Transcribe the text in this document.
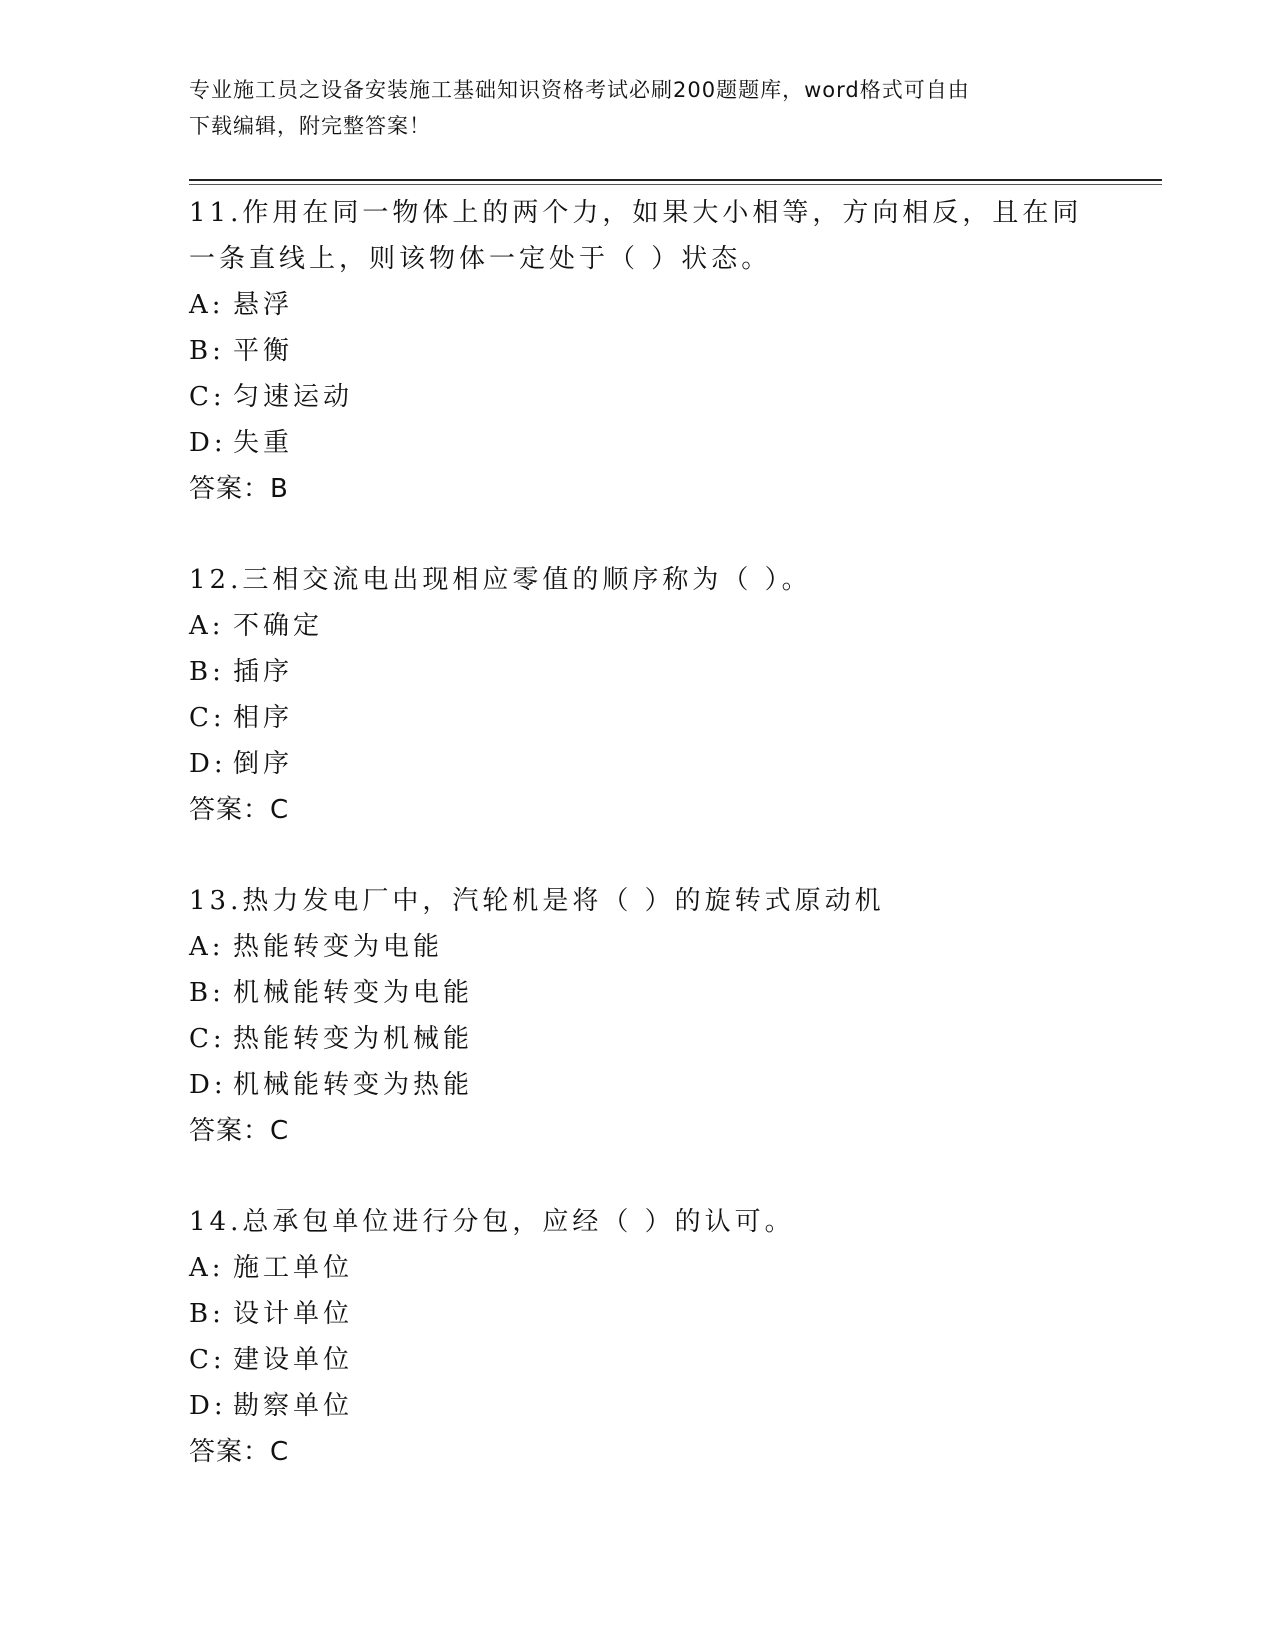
专业施工员之设备安装施工基础知识资格考试必刷200题题库，word格式可自由
下载编辑，附完整答案！
11.作用在同一物体上的两个力，如果大小相等，方向相反，且在同一条直线上，则该物体一定处于（ ）状态。
A: 悬浮
B: 平衡
C: 匀速运动
D: 失重
答案：B
12.三相交流电出现相应零值的顺序称为（ ）。
A: 不确定
B: 插序
C: 相序
D: 倒序
答案：C
13.热力发电厂中，汽轮机是将（ ）的旋转式原动机
A: 热能转变为电能
B: 机械能转变为电能
C: 热能转变为机械能
D: 机械能转变为热能
答案：C
14.总承包单位进行分包，应经（ ）的认可。
A: 施工单位
B: 设计单位
C: 建设单位
D: 勘察单位
答案：C
